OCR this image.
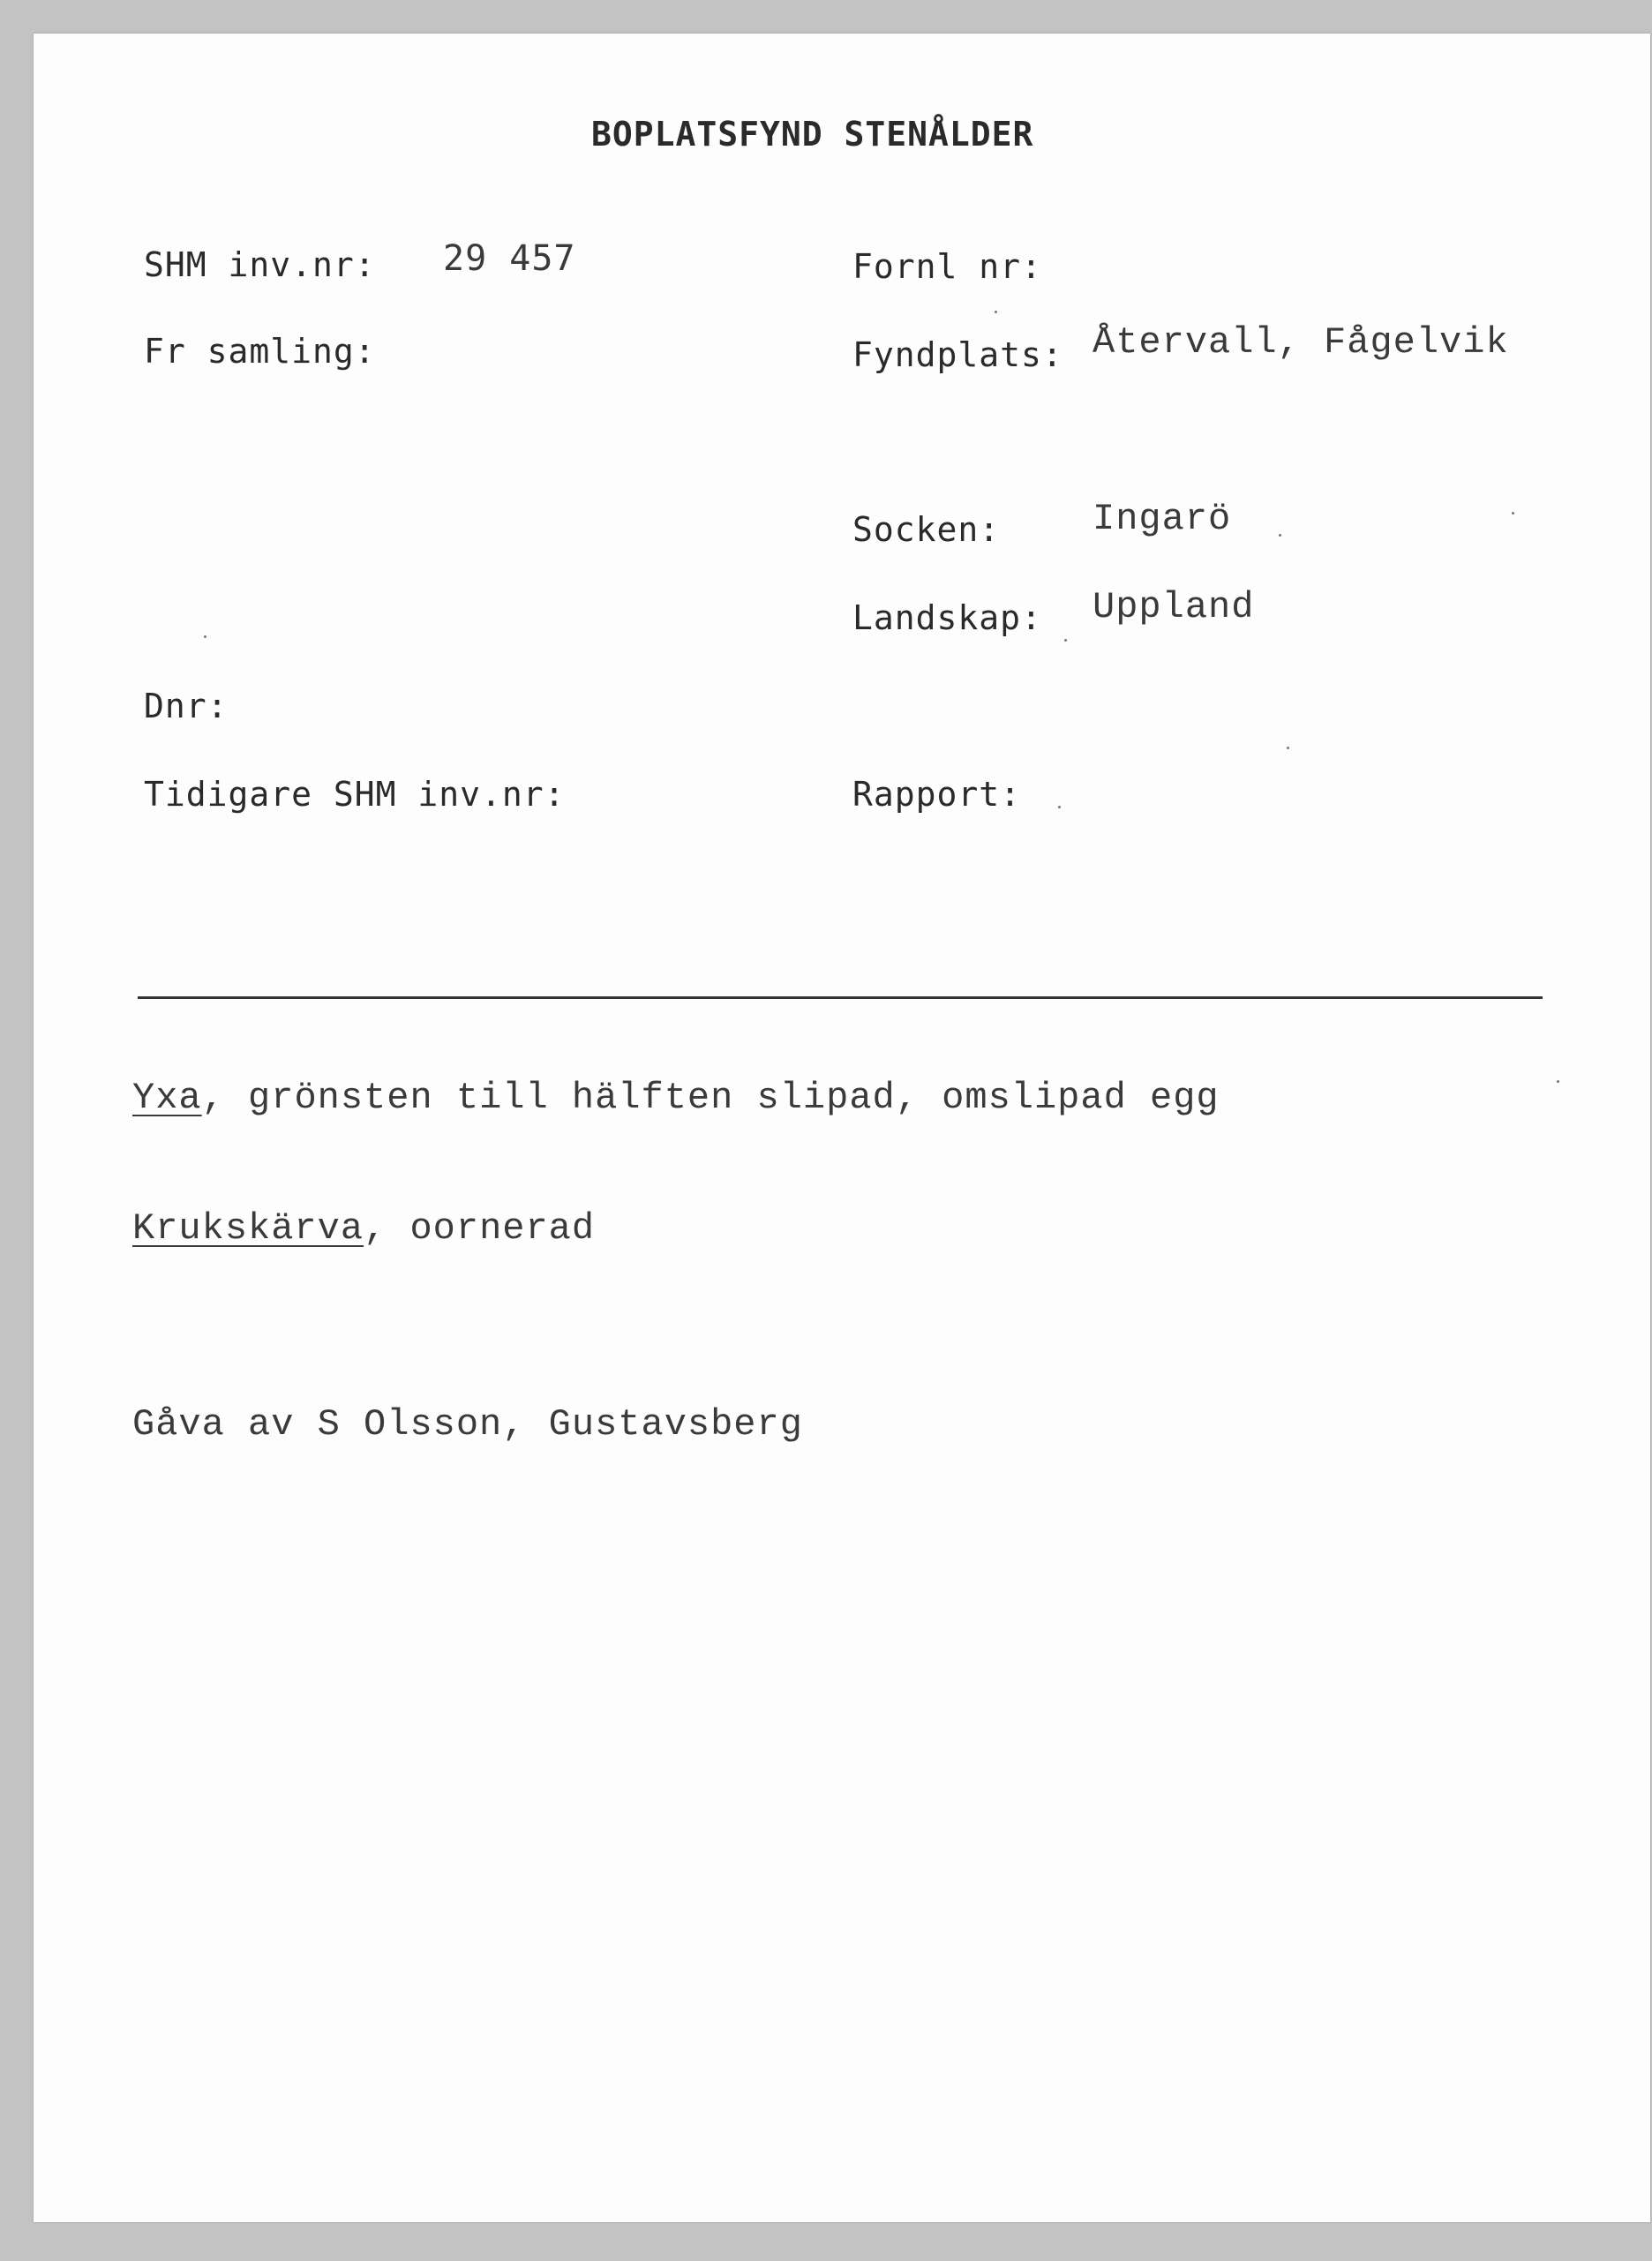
BOPLATSFYND STENÅLDER
SHM inv.nr: 29 457
Fr samling:
Dnr:
Tidigare SHM inv.nr:
Fornl nr:
Fyndplats: Återvall, Fågelvik
Socken: Ingarö
Landskap: Uppland
Rapport:
Yxa, grönsten till hälften slipad, omslipad egg
Krukskärva, oornerad
Gåva av S Olsson, Gustavsberg
